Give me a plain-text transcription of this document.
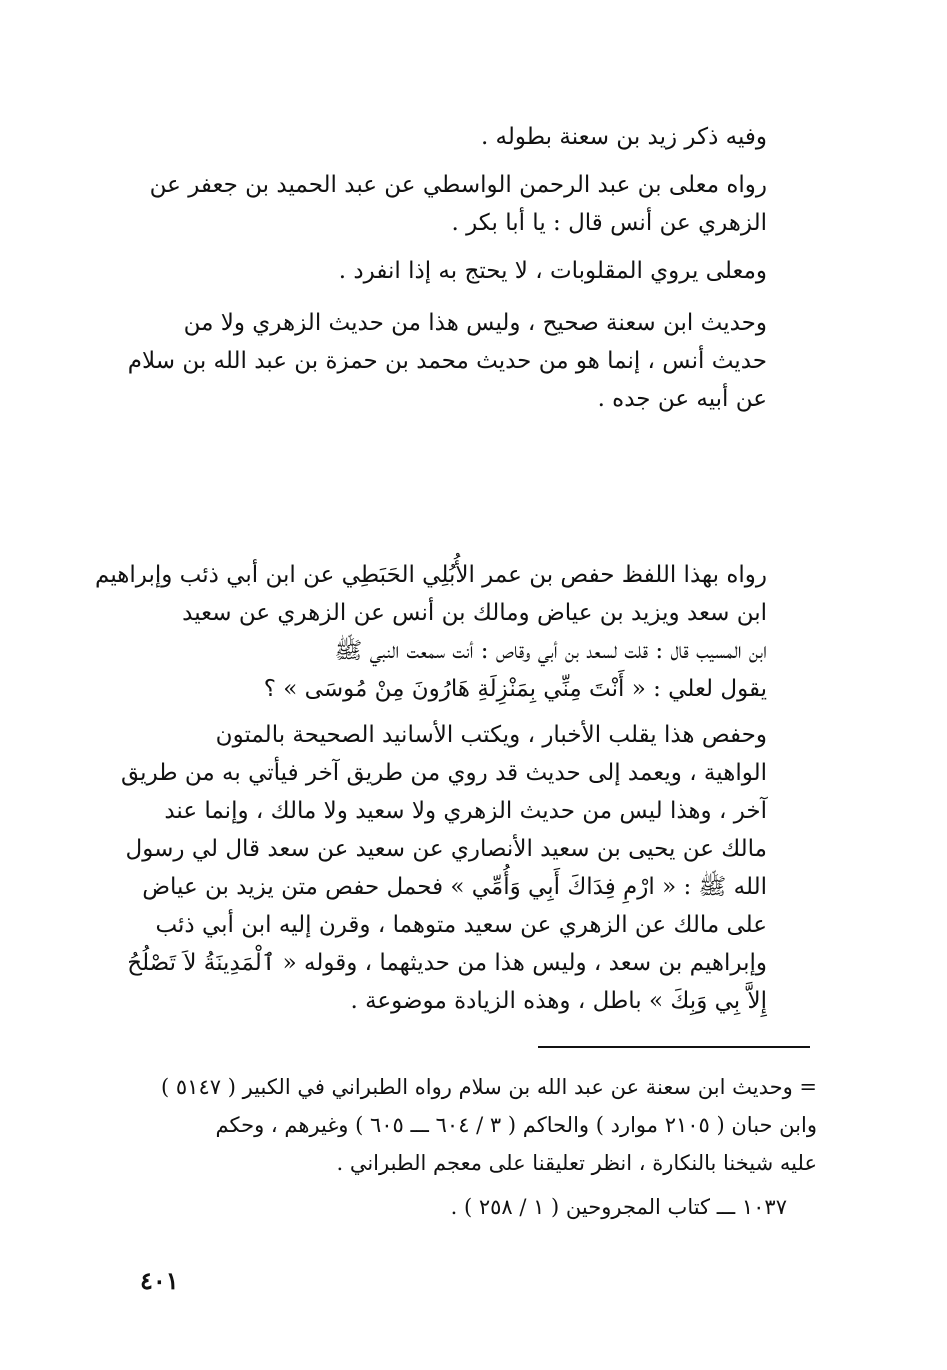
وفيه ذكر زيد بن سعنة بطوله .
رواه معلى بن عبد الرحمن الواسطي عن عبد الحميد بن جعفر عن
الزهري عن أنس قال : يا أبا بكر .
ومعلى يروي المقلوبات ، لا يحتج به إذا انفرد .
وحديث ابن سعنة صحيح ، وليس هذا من حديث الزهري ولا من
حديث أنس ، إنما هو من حديث محمد بن حمزة بن عبد الله بن سلام
عن أبيه عن جده .
رواه بهذا اللفظ حفص بن عمر الأُبُلِي الحَبَطِي عن ابن أبي ذئب وإبراهيم
ابن سعد ويزيد بن عياض ومالك بن أنس عن الزهري عن سعيد
ابن المسيب قال : قلت لسعد بن أبي وقاص : أنت سمعت النبي ﷺ
يقول لعلي : « أَنْتَ مِنِّي بِمَنْزِلَةِ هَارُونَ مِنْ مُوسَى » ؟
وحفص هذا يقلب الأخبار ، ويكتب الأسانيد الصحيحة بالمتون
الواهية ، ويعمد إلى حديث قد روي من طريق آخر فيأتي به من طريق
آخر ، وهذا ليس من حديث الزهري ولا سعيد ولا مالك ، وإنما عند
مالك عن يحيى بن سعيد الأنصاري عن سعيد عن سعد قال لي رسول
الله ﷺ : « ارْمِ فِدَاكَ أَبِي وَأُمِّي » فحمل حفص متن يزيد بن عياض
على مالك عن الزهري عن سعيد متوهما ، وقرن إليه ابن أبي ذئب
وإبراهيم بن سعد ، وليس هذا من حديثهما ، وقوله « ٱلْمَدِينَةُ لاَ تَصْلُحُ
إِلاَّ بِي وَبِكَ » باطل ، وهذه الزيادة موضوعة .
= وحديث ابن سعنة عن عبد الله بن سلام رواه الطبراني في الكبير ( ٥١٤٧ )
وابن حبان ( ٢١٠٥ موارد ) والحاكم ( ٣ / ٦٠٤ ـــ ٦٠٥ ) وغيرهم ، وحكم
عليه شيخنا بالنكارة ، انظر تعليقنا على معجم الطبراني .
١٠٣٧ ـــ كتاب المجروحين ( ١ / ٢٥٨ ) .
٤٠١
